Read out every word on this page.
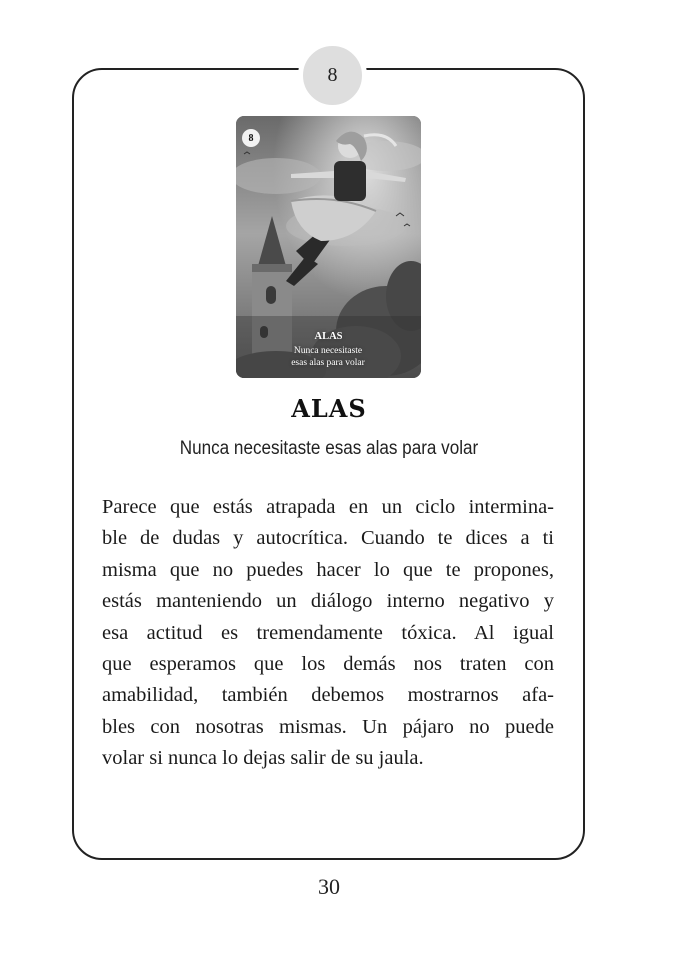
8
8
ALAS
Nunca necesitaste
esas alas para volar
ALAS
Nunca necesitaste esas alas para volar
Parece que estás atrapada en un ciclo intermina-
ble de dudas y autocrítica. Cuando te dices a ti
misma que no puedes hacer lo que te propones,
estás manteniendo un diálogo interno negativo y
esa actitud es tremendamente tóxica. Al igual
que esperamos que los demás nos traten con
amabilidad, también debemos mostrarnos afa-
bles con nosotras mismas. Un pájaro no puede
volar si nunca lo dejas salir de su jaula.
30
